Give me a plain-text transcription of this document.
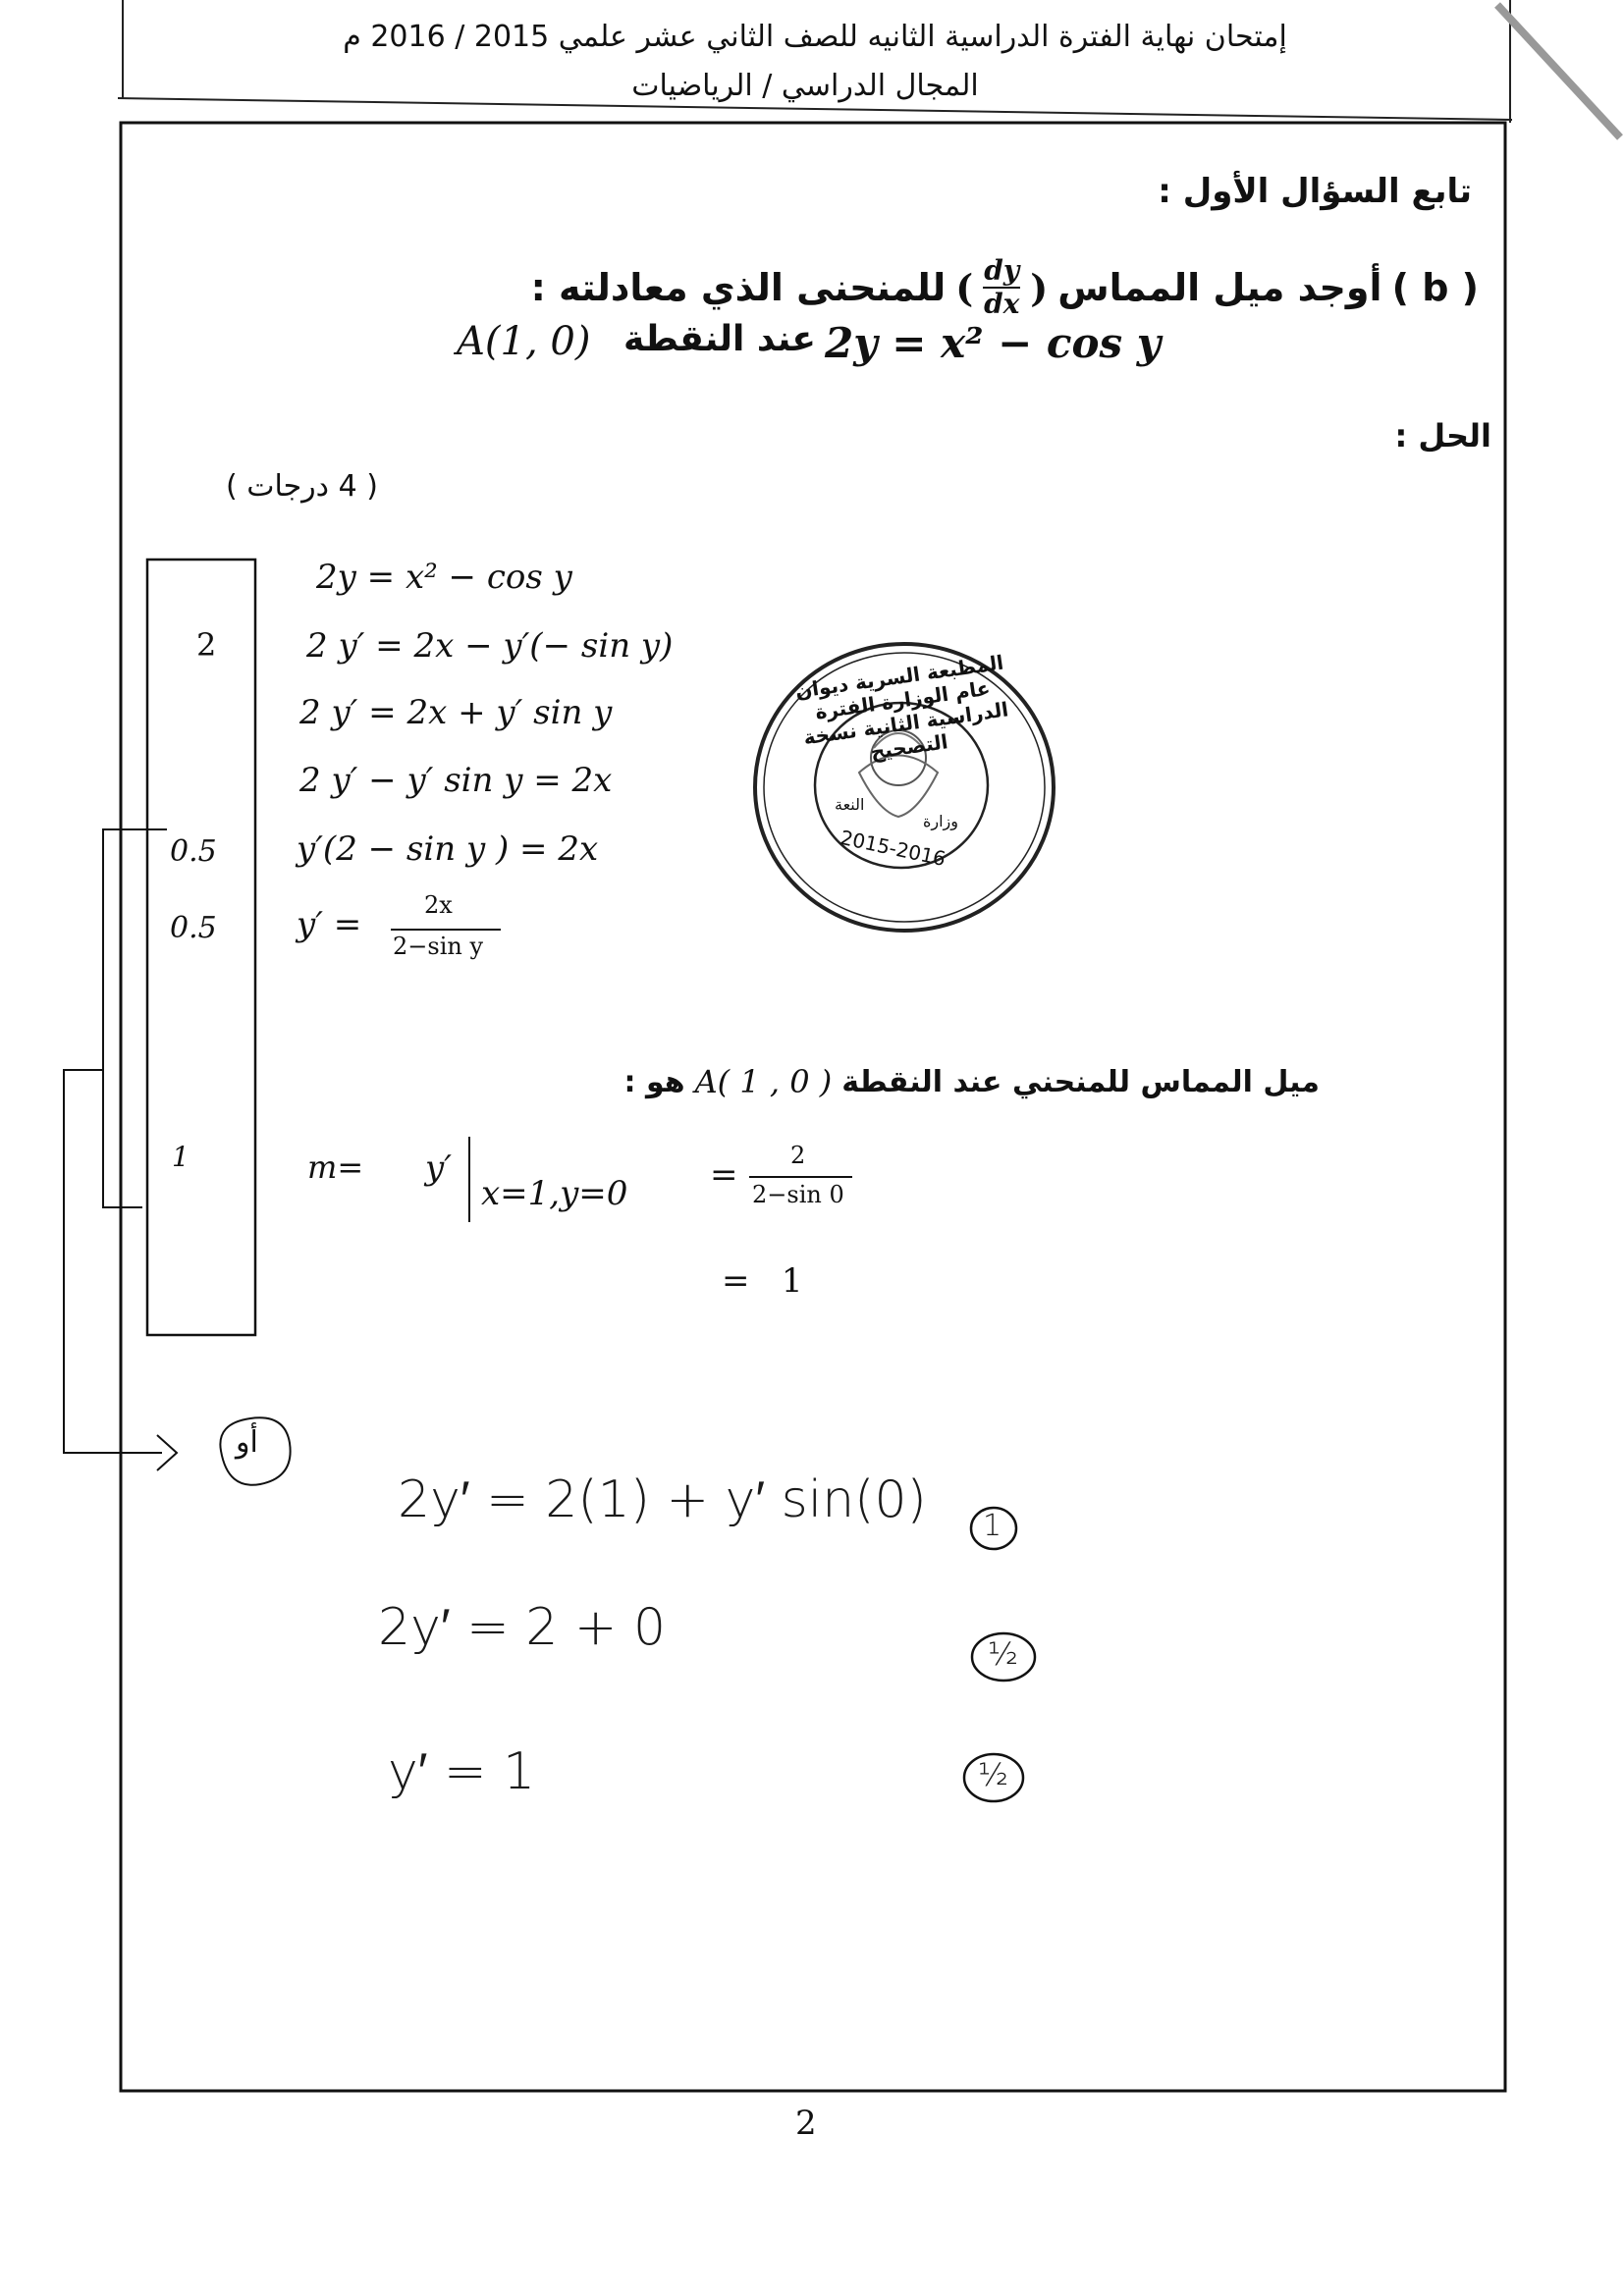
إمتحان نهاية الفترة الدراسية الثانيه للصف الثاني عشر علمي 2015 / 2016 م
المجال الدراسي / الرياضيات
تابع السؤال الأول :
( b )
أوجد ميل المماس
(
$\frac{dy}{dx}$
)
للمنحنى الذي معادلته :
2y = x² − cos y
عند النقطة
A(1, 0)
الحل :
( 4 درجات )
2y = x² − cos y
2	2 y′ = 2x − y′(− sin y)
2 y′ = 2x + y′ sin y
2 y′ − y′ sin y = 2x
0.5 y′(2 − sin y ) = 2x
0.5 y′ =	2x
2−sin y
ميل المماس للمنحني عند النقطة
A( 1 , 0 )
هو :
1	m= y′
x=1,y=0 = 2
2−sin 0
=   1
المطبعة السرية ديوان عام الوزارة الفترة الدراسية الثانية نسخة التصحيح
النعة
وزارة
2015-2016
أو
2y′ = 2(1) + y′ sin(0) 1
2y′ = 2 + 0	½
y′ = 1	½
2
